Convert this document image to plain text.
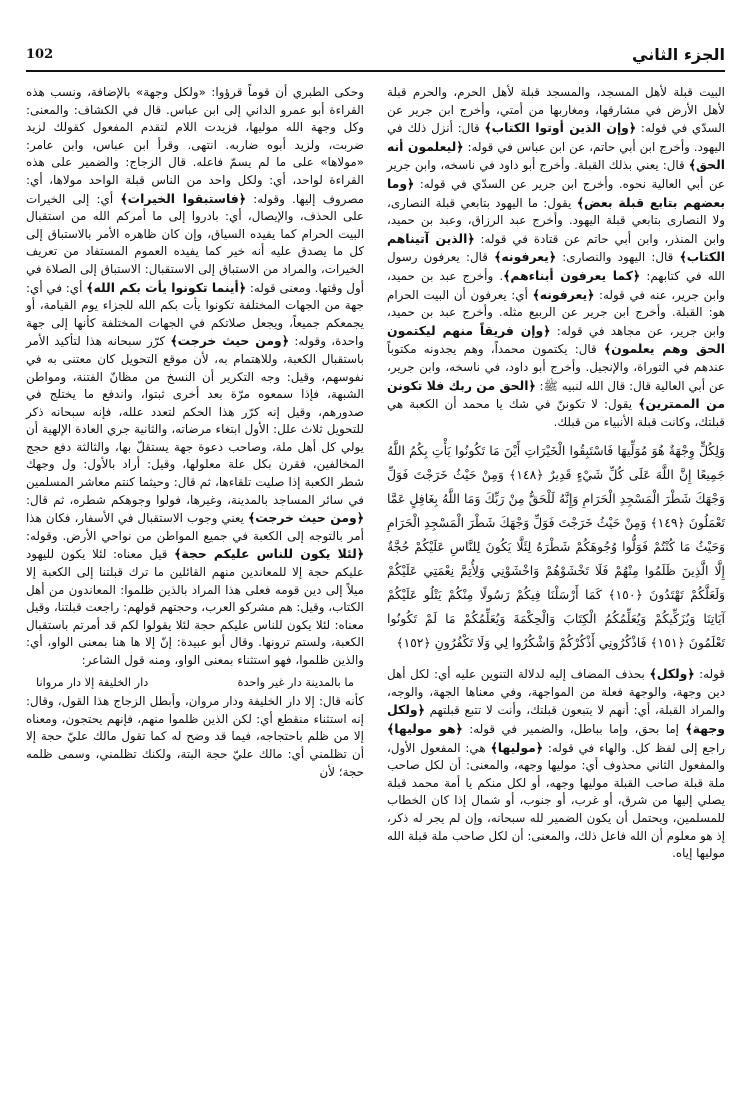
102	الجزء الثاني

البيت قبلة لأهل المسجد، والمسجد قبلة لأهل الحرم، والحرم قبلة لأهل الأرض في مشارقها، ومغاربها من أمتي، وأخرج ابن جرير عن السدّي في قوله: ﴿وإن الذين أوتوا الكتاب﴾ قال: أنزل ذلك في اليهود. وأخرج ابن أبي حاتم، عن ابن عباس في قوله: ﴿ليعلمون أنه الحق﴾ قال: يعني بذلك القبلة. وأخرج أبو داود في ناسخه، وابن جرير عن أبي العالية نحوه. وأخرج ابن جرير عن السدّي في قوله: ﴿وما بعضهم بتابع قبلة بعض﴾ يقول: ما اليهود بتابعي قبلة النصارى، ولا النصارى بتابعي قبلة اليهود. وأخرج عبد الرزاق، وعبد بن حميد، وابن المنذر، وابن أبي حاتم عن قتادة في قوله: ﴿الذين آتيناهم الكتاب﴾ قال: اليهود والنصارى: ﴿يعرفونه﴾ قال: يعرفون رسول الله في كتابهم: ﴿كما يعرفون أبناءهم﴾. وأخرج عبد بن حميد، وابن جرير، عنه في قوله: ﴿يعرفونه﴾ أي: يعرفون أن البيت الحرام هو: القبلة. وأخرج ابن جرير عن الربيع مثله. وأخرج عبد بن حميد، وابن جرير، عن مجاهد في قوله: ﴿وإن فريقاً منهم ليكتمون الحق وهم يعلمون﴾ قال: يكتمون محمداً، وهم يجدونه مكتوباً عندهم في التوراة، والإنجيل. وأخرج أبو داود، في ناسخه، وابن جرير، عن أبي العالية قال: قال الله لنبيه ﷺ: ﴿الحق من ربك فلا تكونن من الممترين﴾ يقول: لا تكوننّ في شك يا محمد أن الكعبة هي قبلتك، وكانت قبلة الأنبياء من قبلك.

وَلِكُلٍّ وِجْهَةٌ هُوَ مُوَلِّيهَا فَاسْتَبِقُوا الْخَيْرَاتِ أَيْنَ مَا تَكُونُوا يَأْتِ بِكُمُ اللَّهُ جَمِيعًا إِنَّ اللَّهَ عَلَى كُلِّ شَيْءٍ قَدِيرٌ ﴿١٤٨﴾ وَمِنْ حَيْثُ خَرَجْتَ فَوَلِّ وَجْهَكَ شَطْرَ الْمَسْجِدِ الْحَرَامِ وَإِنَّهُ لَلْحَقُّ مِنْ رَبِّكَ وَمَا اللَّهُ بِغَافِلٍ عَمَّا تَعْمَلُونَ ﴿١٤٩﴾ وَمِنْ حَيْثُ خَرَجْتَ فَوَلِّ وَجْهَكَ شَطْرَ الْمَسْجِدِ الْحَرَامِ وَحَيْثُ مَا كُنْتُمْ فَوَلُّوا وُجُوهَكُمْ شَطْرَهُ لِئَلَّا يَكُونَ لِلنَّاسِ عَلَيْكُمْ حُجَّةٌ إِلَّا الَّذِينَ ظَلَمُوا مِنْهُمْ فَلَا تَخْشَوْهُمْ وَاخْشَوْنِي وَلِأُتِمَّ نِعْمَتِي عَلَيْكُمْ وَلَعَلَّكُمْ تَهْتَدُونَ ﴿١٥٠﴾ كَمَا أَرْسَلْنَا فِيكُمْ رَسُولًا مِنْكُمْ يَتْلُو عَلَيْكُمْ آيَاتِنَا وَيُزَكِّيكُمْ وَيُعَلِّمُكُمُ الْكِتَابَ وَالْحِكْمَةَ وَيُعَلِّمُكُمْ مَا لَمْ تَكُونُوا تَعْلَمُونَ ﴿١٥١﴾ فَاذْكُرُونِي أَذْكُرْكُمْ وَاشْكُرُوا لِي وَلَا تَكْفُرُونِ ﴿١٥٢﴾

قوله: ﴿ولكل﴾ بحذف المضاف إليه لدلالة التنوين عليه أي: لكل أهل دين وجهة، والوجهة فعلة من المواجهة، وفي معناها الجهة، والوجه، والمراد القبلة، أي: أنهم لا يتبعون قبلتك، وأنت لا تتبع قبلتهم ﴿ولكل وجهة﴾ إما بحق، وإما بباطل، والضمير في قوله: ﴿هو موليها﴾ راجع إلى لفظ كل. والهاء في قوله: ﴿موليها﴾ هي: المفعول الأول، والمفعول الثاني محذوف أي: موليها وجهه، والمعنى: أن لكل صاحب ملة قبلة صاحب القبلة موليها وجهه، أو لكل منكم يا أمة محمد قبلة يصلي إليها من شرق، أو غرب، أو جنوب، أو شمال إذا كان الخطاب للمسلمين، ويحتمل أن يكون الضمير لله سبحانه، وإن لم يجر له ذكر، إذ هو معلوم أن الله فاعل ذلك، والمعنى: أن لكل صاحب ملة قبلة الله موليها إياه.

وحكى الطبري أن قوماً قرؤوا: «ولكل وجهة» بالإضافة، ونسب هذه القراءة أبو عمرو الداني إلى ابن عباس. قال في الكشاف: والمعنى: وكل وجهة الله موليها، فزيدت اللام لتقدم المفعول كقولك لزيد ضربت، ولزيد أبوه ضاربه. انتهى. وقرأ ابن عباس، وابن عامر: «مولاها» على ما لم يسمّ فاعله. قال الزجاج: والضمير على هذه القراءة لواحد، أي: ولكل واحد من الناس قبلة الواحد مولاها، أي: مصروف إليها. وقوله: ﴿فاستبقوا الخيرات﴾ أي: إلى الخيرات على الحذف، والإيصال، أي: بادروا إلى ما أمركم الله من استقبال البيت الحرام كما يفيده السياق، وإن كان ظاهره الأمر بالاستباق إلى كل ما يصدق عليه أنه خير كما يفيده العموم المستفاد من تعريف الخيرات، والمراد من الاستباق إلى الاستقبال: الاستباق إلى الصلاة في أول وقتها. ومعنى قوله: ﴿أينما تكونوا يأت بكم الله﴾ أي: في أي: جهة من الجهات المختلفة تكونوا يأت بكم الله للجزاء يوم القيامة، أو يجمعكم جميعاً، ويجعل صلاتكم في الجهات المختلفة كأنها إلى جهة واحدة، وقوله: ﴿ومن حيث خرجت﴾ كرّر سبحانه هذا لتأكيد الأمر باستقبال الكعبة، وللاهتمام به، لأن موقع التحويل كان معتنى به في نفوسهم، وقيل: وجه التكرير أن النسخ من مظانّ الفتنة، ومواطن الشبهة، فإذا سمعوه مرّة بعد أخرى ثبتوا، واندفع ما يختلج في صدورهم، وقيل إنه كرّر هذا الحكم لتعدد علله، فإنه سبحانه ذكر للتحويل ثلاث علل: الأول ابتغاء مرضاته، والثانية جري العادة الإلهية أن يولي كل أهل ملة، وصاحب دعوة جهة يستقلّ بها، والثالثة دفع حجج المخالفين، فقرن بكل علة معلولها، وقيل: أراد بالأول: ول وجهك شطر الكعبة إذا صليت تلقاءها، ثم قال: وحيثما كنتم معاشر المسلمين في سائر المساجد بالمدينة، وغيرها، فولوا وجوهكم شطره، ثم قال: ﴿ومن حيث خرجت﴾ يعني وجوب الاستقبال في الأسفار، فكان هذا أمر بالتوجه إلى الكعبة في جميع المواطن من نواحي الأرض. وقوله: ﴿لئلا يكون للناس عليكم حجة﴾ قيل معناه: لئلا يكون لليهود عليكم حجة إلا للمعاندين منهم القائلين ما ترك قبلتنا إلى الكعبة إلا ميلاً إلى دين قومه فعلى هذا المراد بالذين ظلموا: المعاندون من أهل الكتاب، وقيل: هم مشركو العرب، وحجتهم قولهم: راجعت قبلتنا، وقيل معناه: لئلا يكون للناس عليكم حجة لئلا يقولوا لكم قد أمرتم باستقبال الكعبة، ولستم ترونها. وقال أبو عبيدة: إنّ إلا ها هنا بمعنى الواو، أي: والذين ظلموا، فهو استثناء بمعنى الواو، ومنه قول الشاعر:

ما بالمدينة دار غير واحدة
دار الخليفة إلا دار مروانا

كأنه قال: إلا دار الخليفة ودار مروان، وأبطل الزجاج هذا القول، وقال: إنه استثناء منقطع أي: لكن الذين ظلموا منهم، فإنهم يحتجون، ومعناه إلا من ظلم باحتجاجه، فيما قد وضح له كما تقول مالك عليّ حجة إلا أن تظلمني أي: مالك عليّ حجة البتة، ولكنك تظلمني، وسمى ظلمه حجة؛ لأن
